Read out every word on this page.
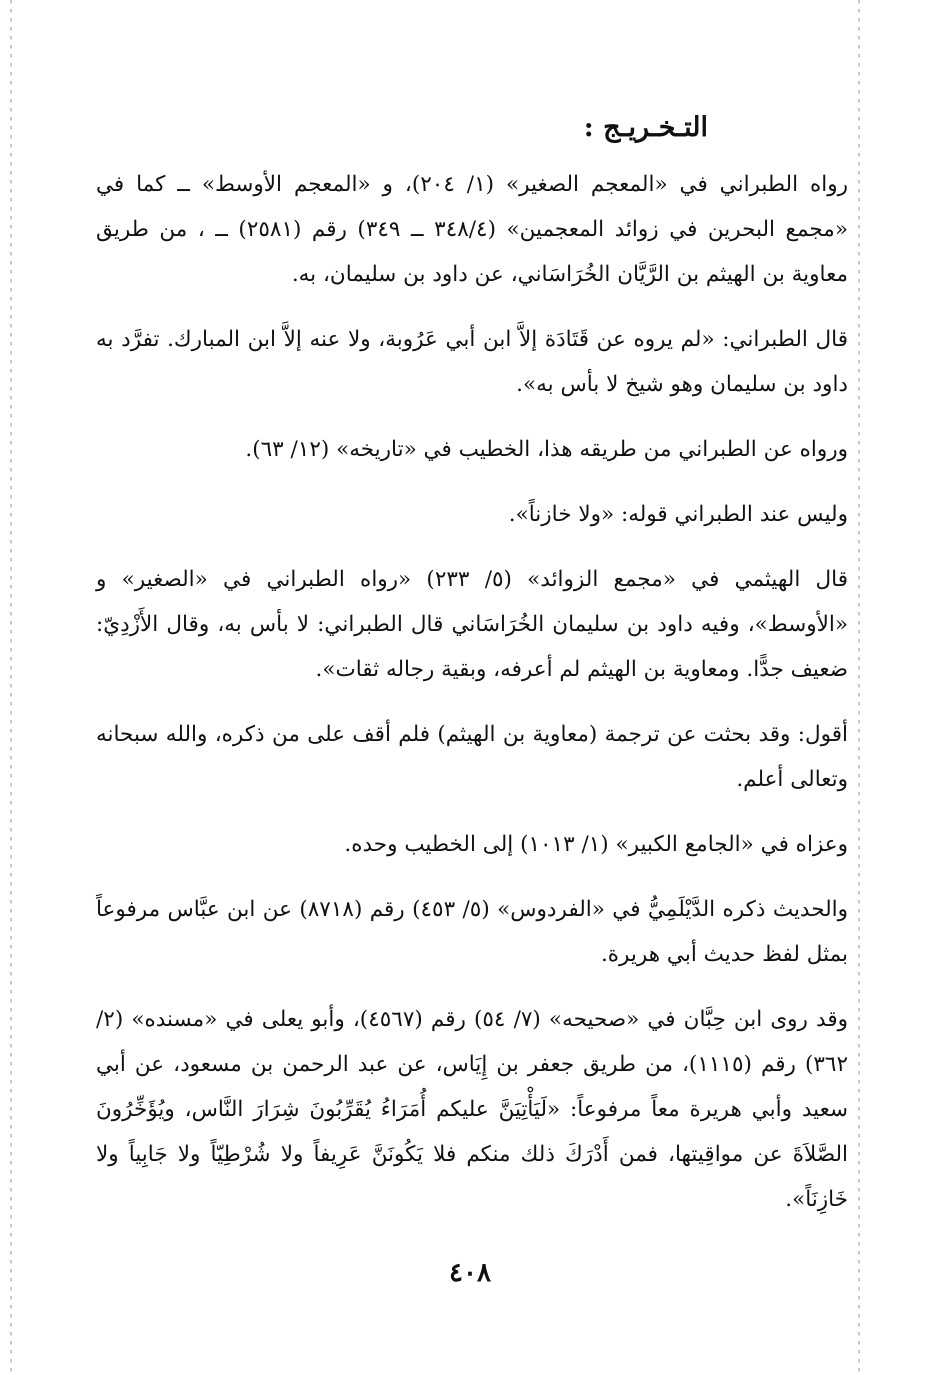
التـخـريـج :

رواه الطبراني في «المعجم الصغير» (١/ ٢٠٤)، و «المعجم الأوسط» ــ كما في «مجمع البحرين في زوائد المعجمين» (٣٤٨/٤ ــ ٣٤٩) رقم (٢٥٨١) ــ ، من طريق معاوية بن الهيثم بن الرَّيَّان الخُرَاسَاني، عن داود بن سليمان، به.

قال الطبراني: «لم يروه عن قَتَادَة إلاَّ ابن أبي عَرُوبة، ولا عنه إلاَّ ابن المبارك. تفرَّد به داود بن سليمان وهو شيخ لا بأس به».

ورواه عن الطبراني من طريقه هذا، الخطيب في «تاريخه» (١٢/ ٦٣).

وليس عند الطبراني قوله: «ولا خازناً».

قال الهيثمي في «مجمع الزوائد» (٥/ ٢٣٣) «رواه الطبراني في «الصغير» و «الأوسط»، وفيه داود بن سليمان الخُرَاسَاني قال الطبراني: لا بأس به، وقال الأَزْدِيّ: ضعيف جدًّا. ومعاوية بن الهيثم لم أعرفه، وبقية رجاله ثقات».

أقول: وقد بحثت عن ترجمة (معاوية بن الهيثم) فلم أقف على من ذكره، والله سبحانه وتعالى أعلم.

وعزاه في «الجامع الكبير» (١/ ١٠١٣) إلى الخطيب وحده.

والحديث ذكره الدَّيْلَمِيُّ في «الفردوس» (٥/ ٤٥٣) رقم (٨٧١٨) عن ابن عبَّاس مرفوعاً بمثل لفظ حديث أبي هريرة.

وقد روى ابن حِبَّان في «صحيحه» (٧/ ٥٤) رقم (٤٥٦٧)، وأبو يعلى في «مسنده» (٢/ ٣٦٢) رقم (١١١٥)، من طريق جعفر بن إِيَاس، عن عبد الرحمن بن مسعود، عن أبي سعيد وأبي هريرة معاً مرفوعاً: «لَيَأْتِيَنَّ عليكم أُمَرَاءُ يُقَرِّبُونَ شِرَارَ النَّاس، ويُؤَخِّرُونَ الصَّلاَةَ عن مواقِيتها، فمن أَدْرَكَ ذلك منكم فلا يَكُونَنَّ عَرِيفاً ولا شُرْطِيّاً ولا جَابِياً ولا خَازِنَاً».

٤٠٨
